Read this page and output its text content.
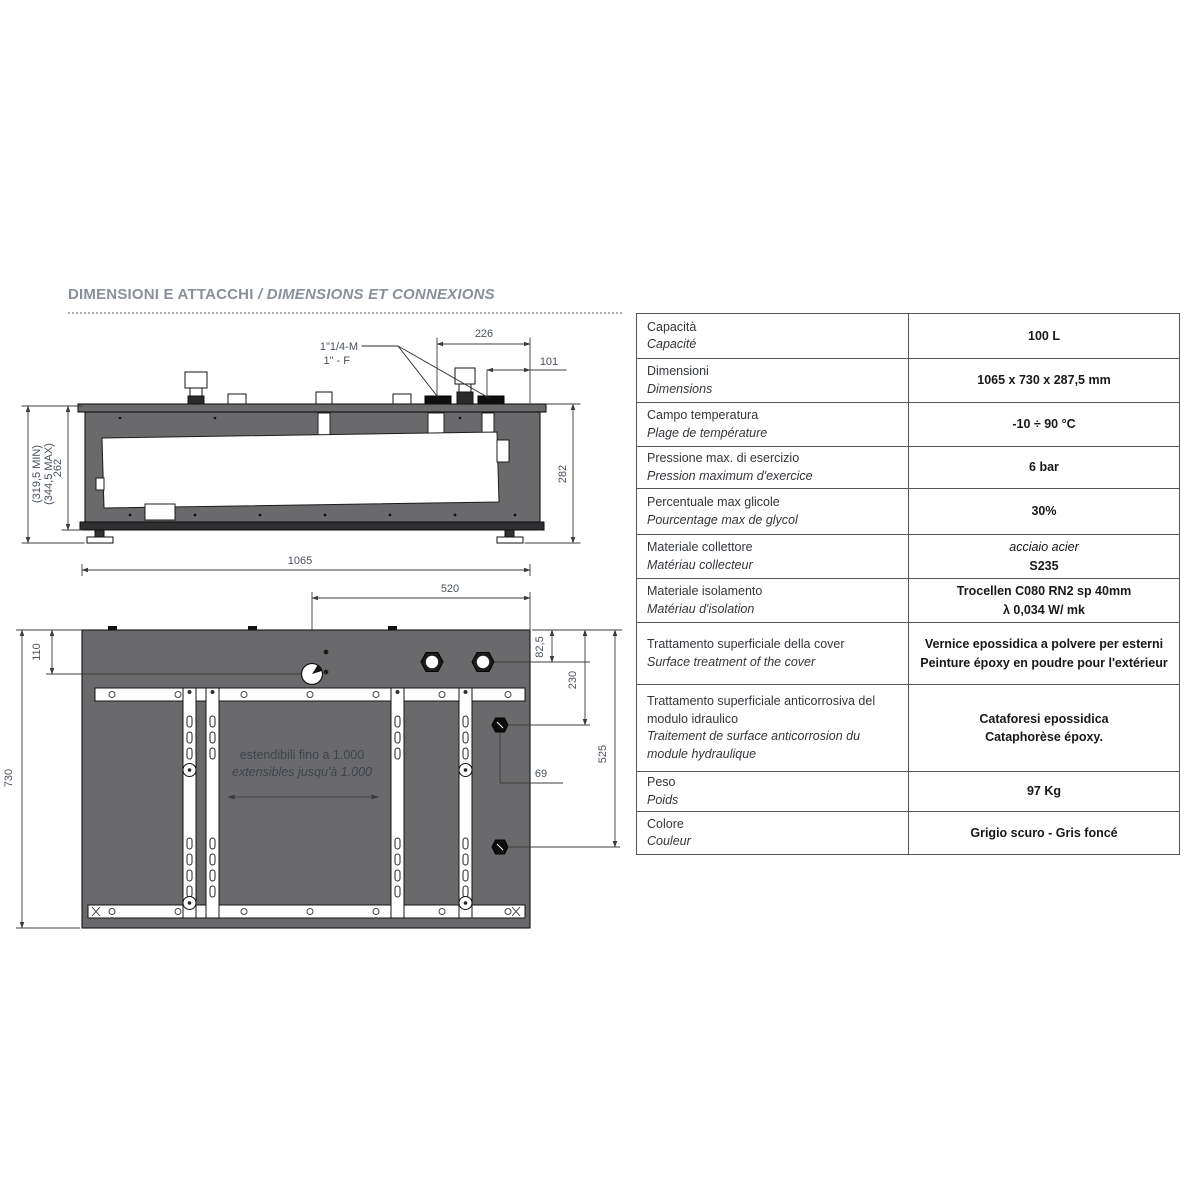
DIMENSIONI E ATTACCHI / DIMENSIONS ET CONNEXIONS
1"1/4-M
1" - F
226
101
282
(319,5 MIN) (344,5 MAX)
262
1065
520
estendibili fino a 1.000
extensibles jusqu'à 1.000
110
730
82,5
230
525
69
Capacità
Capacité
100 L
Dimensioni
Dimensions
1065 x 730 x 287,5 mm
Campo temperatura
Plage de température
-10 ÷ 90 °C
Pressione max. di esercizio
Pression maximum d'exercice
6 bar
Percentuale max glicole
Pourcentage max de glycol
30%
Materiale collettore
Matériau collecteur
acciaio acier
S235
Materiale isolamento
Matériau d'isolation
Trocellen C080 RN2 sp 40mm
λ 0,034 W/ mk
Trattamento superficiale della cover
Surface treatment of the cover
Vernice epossidica a polvere per esterni
Peinture époxy en poudre pour l'extérieur
Trattamento superficiale anticorrosiva del modulo idraulico
Traitement de surface anticorrosion du module hydraulique
Cataforesi epossidica
Cataphorèse époxy.
Peso
Poids
97 Kg
Colore
Couleur
Grigio scuro - Gris foncé
